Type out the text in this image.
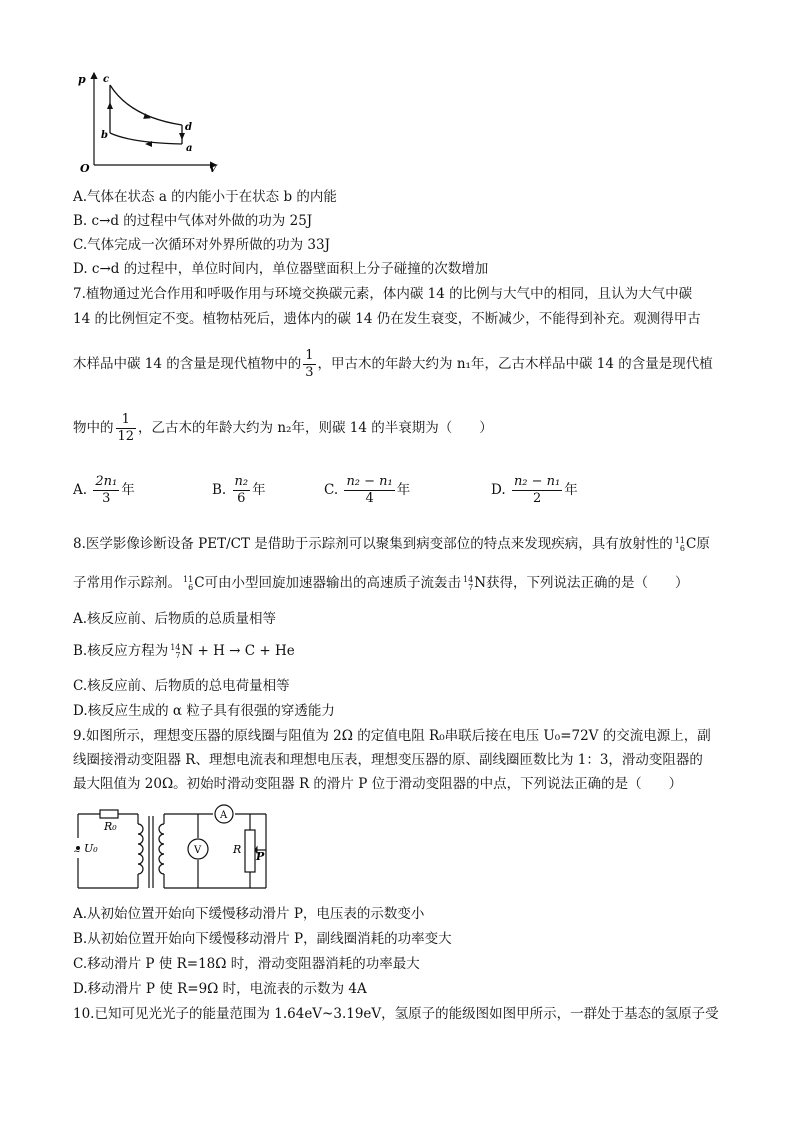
p
V
O
c
b
d
a
A.气体在状态 a 的内能小于在状态 b 的内能
B. c→d 的过程中气体对外做的功为 25J
C.气体完成一次循环对外界所做的功为 33J
D. c→d 的过程中，单位时间内，单位器壁面积上分子碰撞的次数增加
7.植物通过光合作用和呼吸作用与环境交换碳元素，体内碳 14 的比例与大气中的相同，且认为大气中碳
14 的比例恒定不变。植物枯死后，遗体内的碳 14 仍在发生衰变，不断减少，不能得到补充。观测得甲古
木样品中碳 14 的含量是现代植物中的 $\frac{1}{3}$ ，甲古木的年龄大约为 n₁年，乙古木样品中碳 14 的含量是现代植
物中的 $\frac{1}{12}$ ，乙古木的年龄大约为 n₂年，则碳 14 的半衰期为（　　）
A. $\frac{\text{2n₁}}{3}$ 年	B. $\frac{\text{n₂}}{6}$ 年	C. $\frac{\text{n₂ − n₁}}{4}$ 年	D. $\frac{\text{n₂ − n₁}}{2}$ 年
8.医学影像诊断设备 PET/CT 是借助于示踪剂可以聚集到病变部位的特点来发现疾病，具有放射性的 11
6C原
子常用作示踪剂。 11
6C可由小型回旋加速器输出的高速质子流轰击 14
7N获得，下列说法正确的是（　　）
A.核反应前、后物质的总质量相等
B.核反应方程为 14
7N + H → C + He
C.核反应前、后物质的总电荷量相等
D.核反应生成的 α 粒子具有很强的穿透能力
9.如图所示，理想变压器的原线圈与阻值为 2Ω 的定值电阻 R₀串联后接在电压 U₀=72V 的交流电源上，副
线圈接滑动变阻器 R、理想电流表和理想电压表，理想变压器的原、副线圈匝数比为 1：3，滑动变阻器的
最大阻值为 20Ω。初始时滑动变阻器 R 的滑片 P 位于滑动变阻器的中点，下列说法正确的是（　　）
~
A
V
R₀
U₀	R
P
A.从初始位置开始向下缓慢移动滑片 P，电压表的示数变小
B.从初始位置开始向下缓慢移动滑片 P，副线圈消耗的功率变大
C.移动滑片 P 使 R=18Ω 时，滑动变阻器消耗的功率最大
D.移动滑片 P 使 R=9Ω 时，电流表的示数为 4A
10.已知可见光光子的能量范围为 1.64eV~3.19eV，氢原子的能级图如图甲所示，一群处于基态的氢原子受
